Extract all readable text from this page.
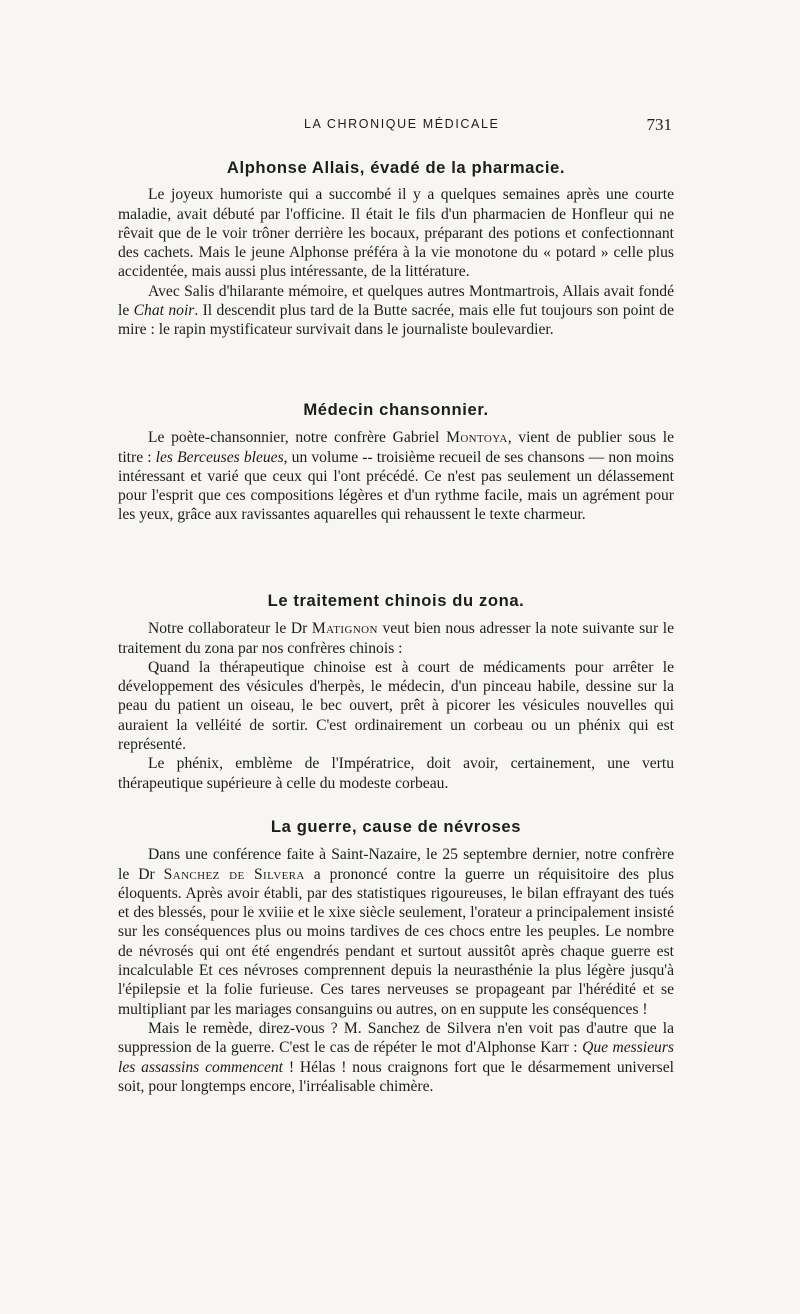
LA CHRONIQUE MÉDICALE	731
Alphonse Allais, évadé de la pharmacie.

Le joyeux humoriste qui a succombé il y a quelques semaines après une courte maladie, avait débuté par l'officine. Il était le fils d'un pharmacien de Honfleur qui ne rêvait que de le voir trôner derrière les bocaux, préparant des potions et confectionnant des cachets. Mais le jeune Alphonse préféra à la vie monotone du « potard » celle plus accidentée, mais aussi plus intéressante, de la littérature.

Avec Salis d'hilarante mémoire, et quelques autres Montmartrois, Allais avait fondé le Chat noir. Il descendit plus tard de la Butte sacrée, mais elle fut toujours son point de mire : le rapin mystificateur survivait dans le journaliste boulevardier.

Médecin chansonnier.

Le poète-chansonnier, notre confrère Gabriel Montoya, vient de publier sous le titre : les Berceuses bleues, un volume -- troisième recueil de ses chansons — non moins intéressant et varié que ceux qui l'ont précédé. Ce n'est pas seulement un délassement pour l'esprit que ces compositions légères et d'un rythme facile, mais un agrément pour les yeux, grâce aux ravissantes aquarelles qui rehaussent le texte charmeur.

Le traitement chinois du zona.

Notre collaborateur le Dr Matignon veut bien nous adresser la note suivante sur le traitement du zona par nos confrères chinois :

Quand la thérapeutique chinoise est à court de médicaments pour arrêter le développement des vésicules d'herpès, le médecin, d'un pinceau habile, dessine sur la peau du patient un oiseau, le bec ouvert, prêt à picorer les vésicules nouvelles qui auraient la velléité de sortir. C'est ordinairement un corbeau ou un phénix qui est représenté.

Le phénix, emblème de l'Impératrice, doit avoir, certainement, une vertu thérapeutique supérieure à celle du modeste corbeau.

La guerre, cause de névroses

Dans une conférence faite à Saint-Nazaire, le 25 septembre dernier, notre confrère le Dr Sanchez de Silvera a prononcé contre la guerre un réquisitoire des plus éloquents. Après avoir établi, par des statistiques rigoureuses, le bilan effrayant des tués et des blessés, pour le xviiie et le xixe siècle seulement, l'orateur a principalement insisté sur les conséquences plus ou moins tardives de ces chocs entre les peuples. Le nombre de névrosés qui ont été engendrés pendant et surtout aussitôt après chaque guerre est incalculable Et ces névroses comprennent depuis la neurasthénie la plus légère jusqu'à l'épilepsie et la folie furieuse. Ces tares nerveuses se propageant par l'hérédité et se multipliant par les mariages consanguins ou autres, on en suppute les conséquences !

Mais le remède, direz-vous ? M. Sanchez de Silvera n'en voit pas d'autre que la suppression de la guerre. C'est le cas de répéter le mot d'Alphonse Karr : Que messieurs les assassins commencent ! Hélas ! nous craignons fort que le désarmement universel soit, pour longtemps encore, l'irréalisable chimère.
